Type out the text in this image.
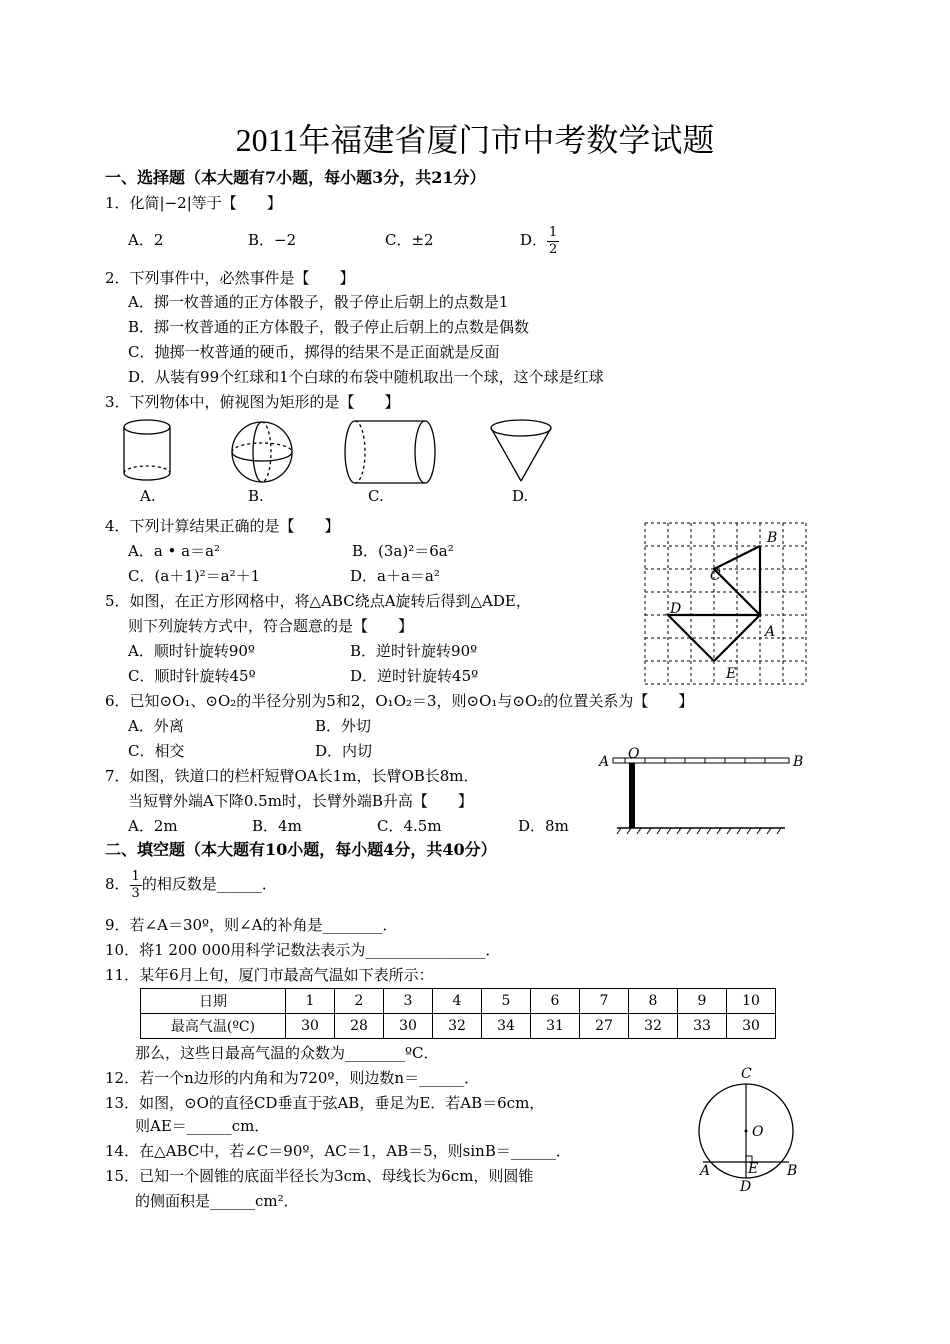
2011年福建省厦门市中考数学试题
一、选择题（本大题有7小题，每小题3分，共21分）
1．化简|−2|等于【　　】
A．2	B．−2	C．±2	D． $\frac{1}{2}$
2．下列事件中，必然事件是【　　】
A．掷一枚普通的正方体骰子，骰子停止后朝上的点数是1
B．掷一枚普通的正方体骰子，骰子停止后朝上的点数是偶数
C．抛掷一枚普通的硬币，掷得的结果不是正面就是反面
D．从装有99个红球和1个白球的布袋中随机取出一个球，这个球是红球
3．下列物体中，俯视图为矩形的是【　　】
A.	B.	C.	D.
4．下列计算结果正确的是【　　】
A．a • a＝a²	B．(3a)²＝6a²
C．(a＋1)²＝a²＋1	D．a＋a＝a²
B
C
D
A
E
5．如图，在正方形网格中，将△ABC绕点A旋转后得到△ADE，
则下列旋转方式中，符合题意的是【　　】
A．顺时针旋转90º	B．逆时针旋转90º
C．顺时针旋转45º	D．逆时针旋转45º
6．已知⊙O₁、⊙O₂的半径分别为5和2，O₁O₂＝3，则⊙O₁与⊙O₂的位置关系为【　　】
A．外离	B．外切
C．相交	D．内切
A O	B
7．如图，铁道口的栏杆短臂OA长1m，长臂OB长8m．
当短臂外端A下降0.5m时，长臂外端B升高【　　】
A．2m	B．4m	C．4.5m	D．8m
二、填空题（本大题有10小题，每小题4分，共40分）
8． $\frac{1}{3}$ 的相反数是______．
9．若∠A＝30º，则∠A的补角是________．
10．将1 200 000用科学记数法表示为________________．
11．某年6月上旬，厦门市最高气温如下表所示：
日期	1	2	3	4	5	6	7	8	9	10
最高气温(ºC)	30	28	30	32	34	31	27	32	33	30
那么，这些日最高气温的众数为________ºC．
12．若一个n边形的内角和为720º，则边数n＝______．
13．如图，⊙O的直径CD垂直于弦AB，垂足为E．若AB＝6cm，
则AE＝______cm．
C
O
A	E B
D
14．在△ABC中，若∠C＝90º，AC＝1，AB＝5，则sinB＝______．
15．已知一个圆锥的底面半径长为3cm、母线长为6cm，则圆锥
的侧面积是______cm²．
